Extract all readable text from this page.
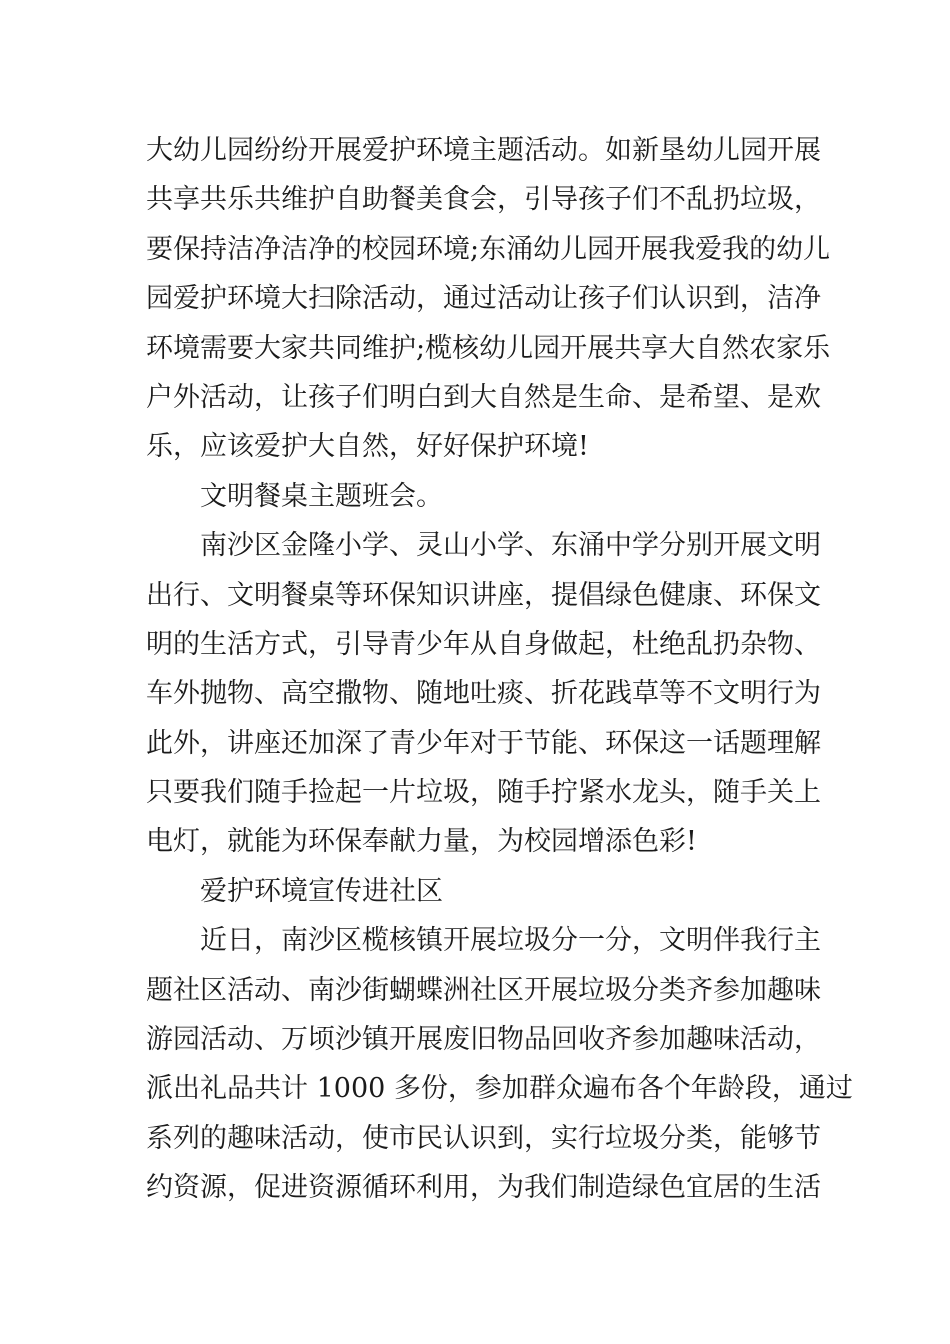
大幼儿园纷纷开展爱护环境主题活动。如新垦幼儿园开展
共享共乐共维护自助餐美食会，引导孩子们不乱扔垃圾，
要保持洁净洁净的校园环境;东涌幼儿园开展我爱我的幼儿
园爱护环境大扫除活动，通过活动让孩子们认识到，洁净
环境需要大家共同维护;榄核幼儿园开展共享大自然农家乐
户外活动，让孩子们明白到大自然是生命、是希望、是欢
乐，应该爱护大自然，好好保护环境!
文明餐桌主题班会。
南沙区金隆小学、灵山小学、东涌中学分别开展文明
出行、文明餐桌等环保知识讲座，提倡绿色健康、环保文
明的生活方式，引导青少年从自身做起，杜绝乱扔杂物、
车外抛物、高空撒物、随地吐痰、折花践草等不文明行为
此外，讲座还加深了青少年对于节能、环保这一话题理解
只要我们随手捡起一片垃圾，随手拧紧水龙头，随手关上
电灯，就能为环保奉献力量，为校园增添色彩!
爱护环境宣传进社区
近日，南沙区榄核镇开展垃圾分一分，文明伴我行主
题社区活动、南沙街蝴蝶洲社区开展垃圾分类齐参加趣味
游园活动、万顷沙镇开展废旧物品回收齐参加趣味活动，
派出礼品共计 1000 多份，参加群众遍布各个年龄段，通过
系列的趣味活动，使市民认识到，实行垃圾分类，能够节
约资源，促进资源循环利用，为我们制造绿色宜居的生活
